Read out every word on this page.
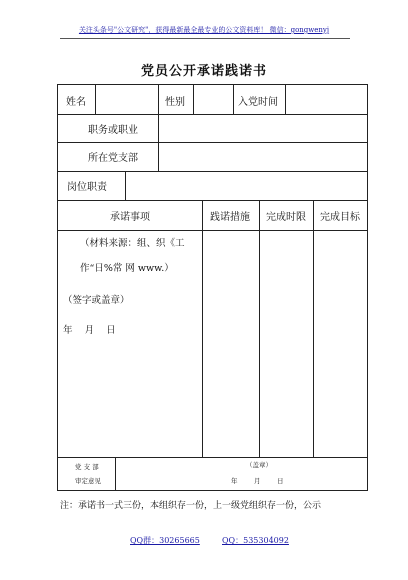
关注头条号"公文研究"，获得最新最全最专业的公文资料库！ 微信：gongwenyj
党员公开承诺践诺书
姓名	性别	入党时间
职务或职业
所在党支部
岗位职责
承诺事项	践诺措施 完成时限 完成目标
（材料来源：组、织《工
作“日%常 网 www.）
（签字或盖章）
年    月    日
党 支 部
审定意见
（盖章）
年        月        日
注：承诺书一式三份，本组织存一份，上一级党组织存一份，公示
QQ群：30265665	QQ：535304092
